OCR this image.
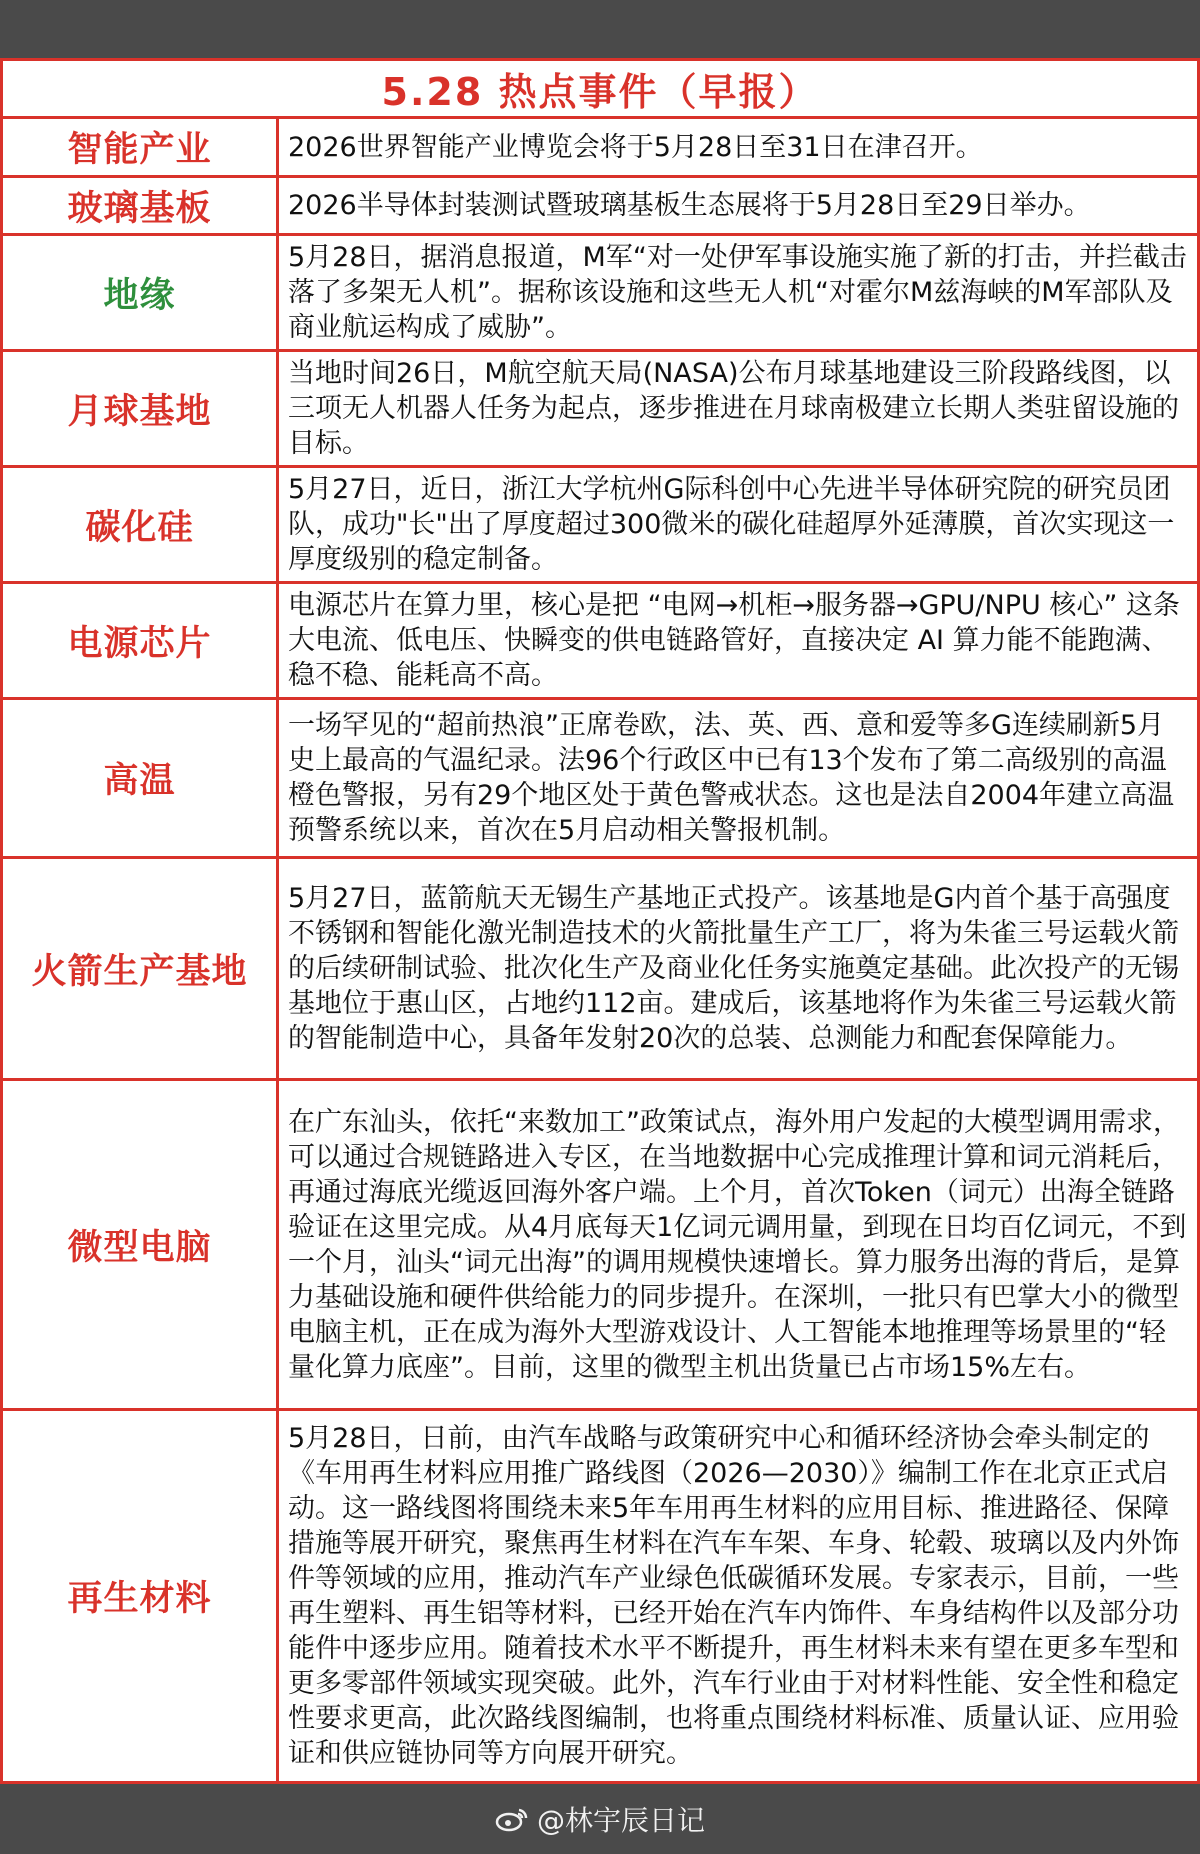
5.28 热点事件（早报）
智能产业	2026世界智能产业博览会将于5月28日至31日在津召开。
玻璃基板	2026半导体封装测试暨玻璃基板生态展将于5月28日至29日举办。
地缘
5月28日，据消息报道，M军“对一处伊军事设施实施了新的打击，并拦截击落了多架无人机”。据称该设施和这些无人机“对霍尔M兹海峡的M军部队及商业航运构成了威胁”。
月球基地
当地时间26日，M航空航天局(NASA)公布月球基地建设三阶段路线图，以三项无人机器人任务为起点，逐步推进在月球南极建立长期人类驻留设施的目标。
碳化硅
5月27日，近日，浙江大学杭州G际科创中心先进半导体研究院的研究员团队，成功"长"出了厚度超过300微米的碳化硅超厚外延薄膜，首次实现这一厚度级别的稳定制备。
电源芯片
电源芯片在算力里，核心是把 “电网→机柜→服务器→GPU/NPU 核心” 这条大电流、低电压、快瞬变的供电链路管好，直接决定 AI 算力能不能跑满、稳不稳、能耗高不高。
高温
一场罕见的“超前热浪”正席卷欧，法、英、西、意和爱等多G连续刷新5月史上最高的气温纪录。法96个行政区中已有13个发布了第二高级别的高温橙色警报，另有29个地区处于黄色警戒状态。这也是法自2004年建立高温预警系统以来，首次在5月启动相关警报机制。
火箭生产基地
5月27日，蓝箭航天无锡生产基地正式投产。该基地是G内首个基于高强度不锈钢和智能化激光制造技术的火箭批量生产工厂，将为朱雀三号运载火箭的后续研制试验、批次化生产及商业化任务实施奠定基础。此次投产的无锡基地位于惠山区，占地约112亩。建成后，该基地将作为朱雀三号运载火箭的智能制造中心，具备年发射20次的总装、总测能力和配套保障能力。
微型电脑
在广东汕头，依托“来数加工”政策试点，海外用户发起的大模型调用需求，可以通过合规链路进入专区，在当地数据中心完成推理计算和词元消耗后，再通过海底光缆返回海外客户端。上个月，首次Token（词元）出海全链路验证在这里完成。从4月底每天1亿词元调用量，到现在日均百亿词元，不到一个月，汕头“词元出海”的调用规模快速增长。算力服务出海的背后，是算力基础设施和硬件供给能力的同步提升。在深圳，一批只有巴掌大小的微型电脑主机，正在成为海外大型游戏设计、人工智能本地推理等场景里的“轻量化算力底座”。目前，这里的微型主机出货量已占市场15%左右。
再生材料
5月28日，日前，由汽车战略与政策研究中心和循环经济协会牵头制定的《车用再生材料应用推广路线图（2026—2030）》编制工作在北京正式启动。这一路线图将围绕未来5年车用再生材料的应用目标、推进路径、保障措施等展开研究，聚焦再生材料在汽车车架、车身、轮毂、玻璃以及内外饰件等领域的应用，推动汽车产业绿色低碳循环发展。专家表示，目前，一些再生塑料、再生铝等材料，已经开始在汽车内饰件、车身结构件以及部分功能件中逐步应用。随着技术水平不断提升，再生材料未来有望在更多车型和更多零部件领域实现突破。此外，汽车行业由于对材料性能、安全性和稳定性要求更高，此次路线图编制，也将重点围绕材料标准、质量认证、应用验证和供应链协同等方向展开研究。
@林宇辰日记
